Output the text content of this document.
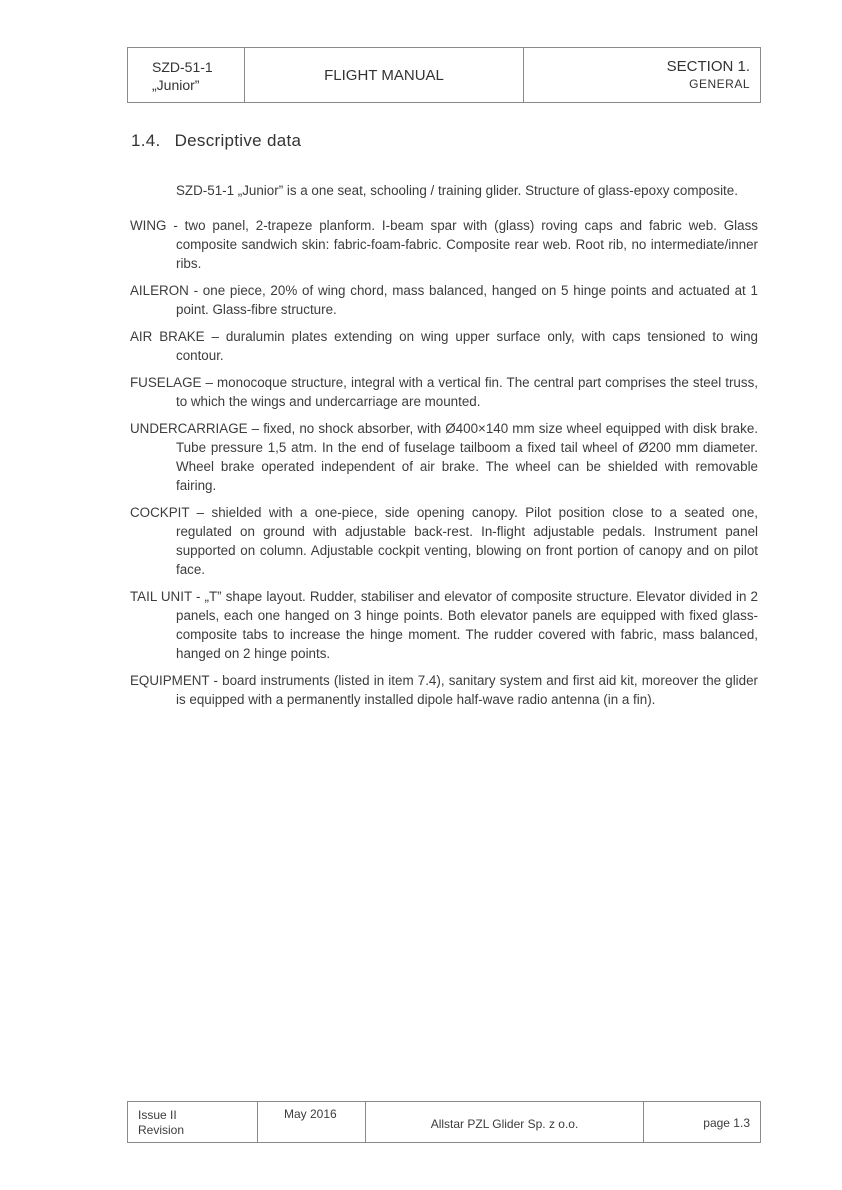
SZD-51-1
„Junior”
FLIGHT MANUAL	SECTION 1.
GENERAL
1.4. Descriptive data

SZD-51-1 „Junior” is a one seat, schooling / training glider. Structure of glass-epoxy composite.

WING - two panel, 2-trapeze planform. I-beam spar with (glass) roving caps and fabric web. Glass composite sandwich skin: fabric-foam-fabric. Composite rear web. Root rib, no intermediate/inner ribs.

AILERON - one piece, 20% of wing chord, mass balanced, hanged on 5 hinge points and actuated at 1 point. Glass-fibre structure.

AIR BRAKE – duralumin plates extending on wing upper surface only, with caps tensioned to wing contour.

FUSELAGE – monocoque structure, integral with a vertical fin. The central part comprises the steel truss, to which the wings and undercarriage are mounted.

UNDERCARRIAGE – fixed, no shock absorber, with Ø400×140 mm size wheel equipped with disk brake. Tube pressure 1,5 atm. In the end of fuselage tailboom a fixed tail wheel of Ø200 mm diameter. Wheel brake operated independent of air brake. The wheel can be shielded with removable fairing.

COCKPIT – shielded with a one-piece, side opening canopy. Pilot position close to a seated one, regulated on ground with adjustable back-rest. In-flight adjustable pedals. Instrument panel supported on column. Adjustable cockpit venting, blowing on front portion of canopy and on pilot face.

TAIL UNIT - „T” shape layout. Rudder, stabiliser and elevator of composite structure. Elevator divided in 2 panels, each one hanged on 3 hinge points. Both elevator panels are equipped with fixed glass-composite tabs to increase the hinge moment. The rudder covered with fabric, mass balanced, hanged on 2 hinge points.

EQUIPMENT - board instruments (listed in item 7.4), sanitary system and first aid kit, moreover the glider is equipped with a permanently installed dipole half-wave radio antenna (in a fin).

Issue II
Revision
May 2016
Allstar PZL Glider Sp. z o.o.	page 1.3
